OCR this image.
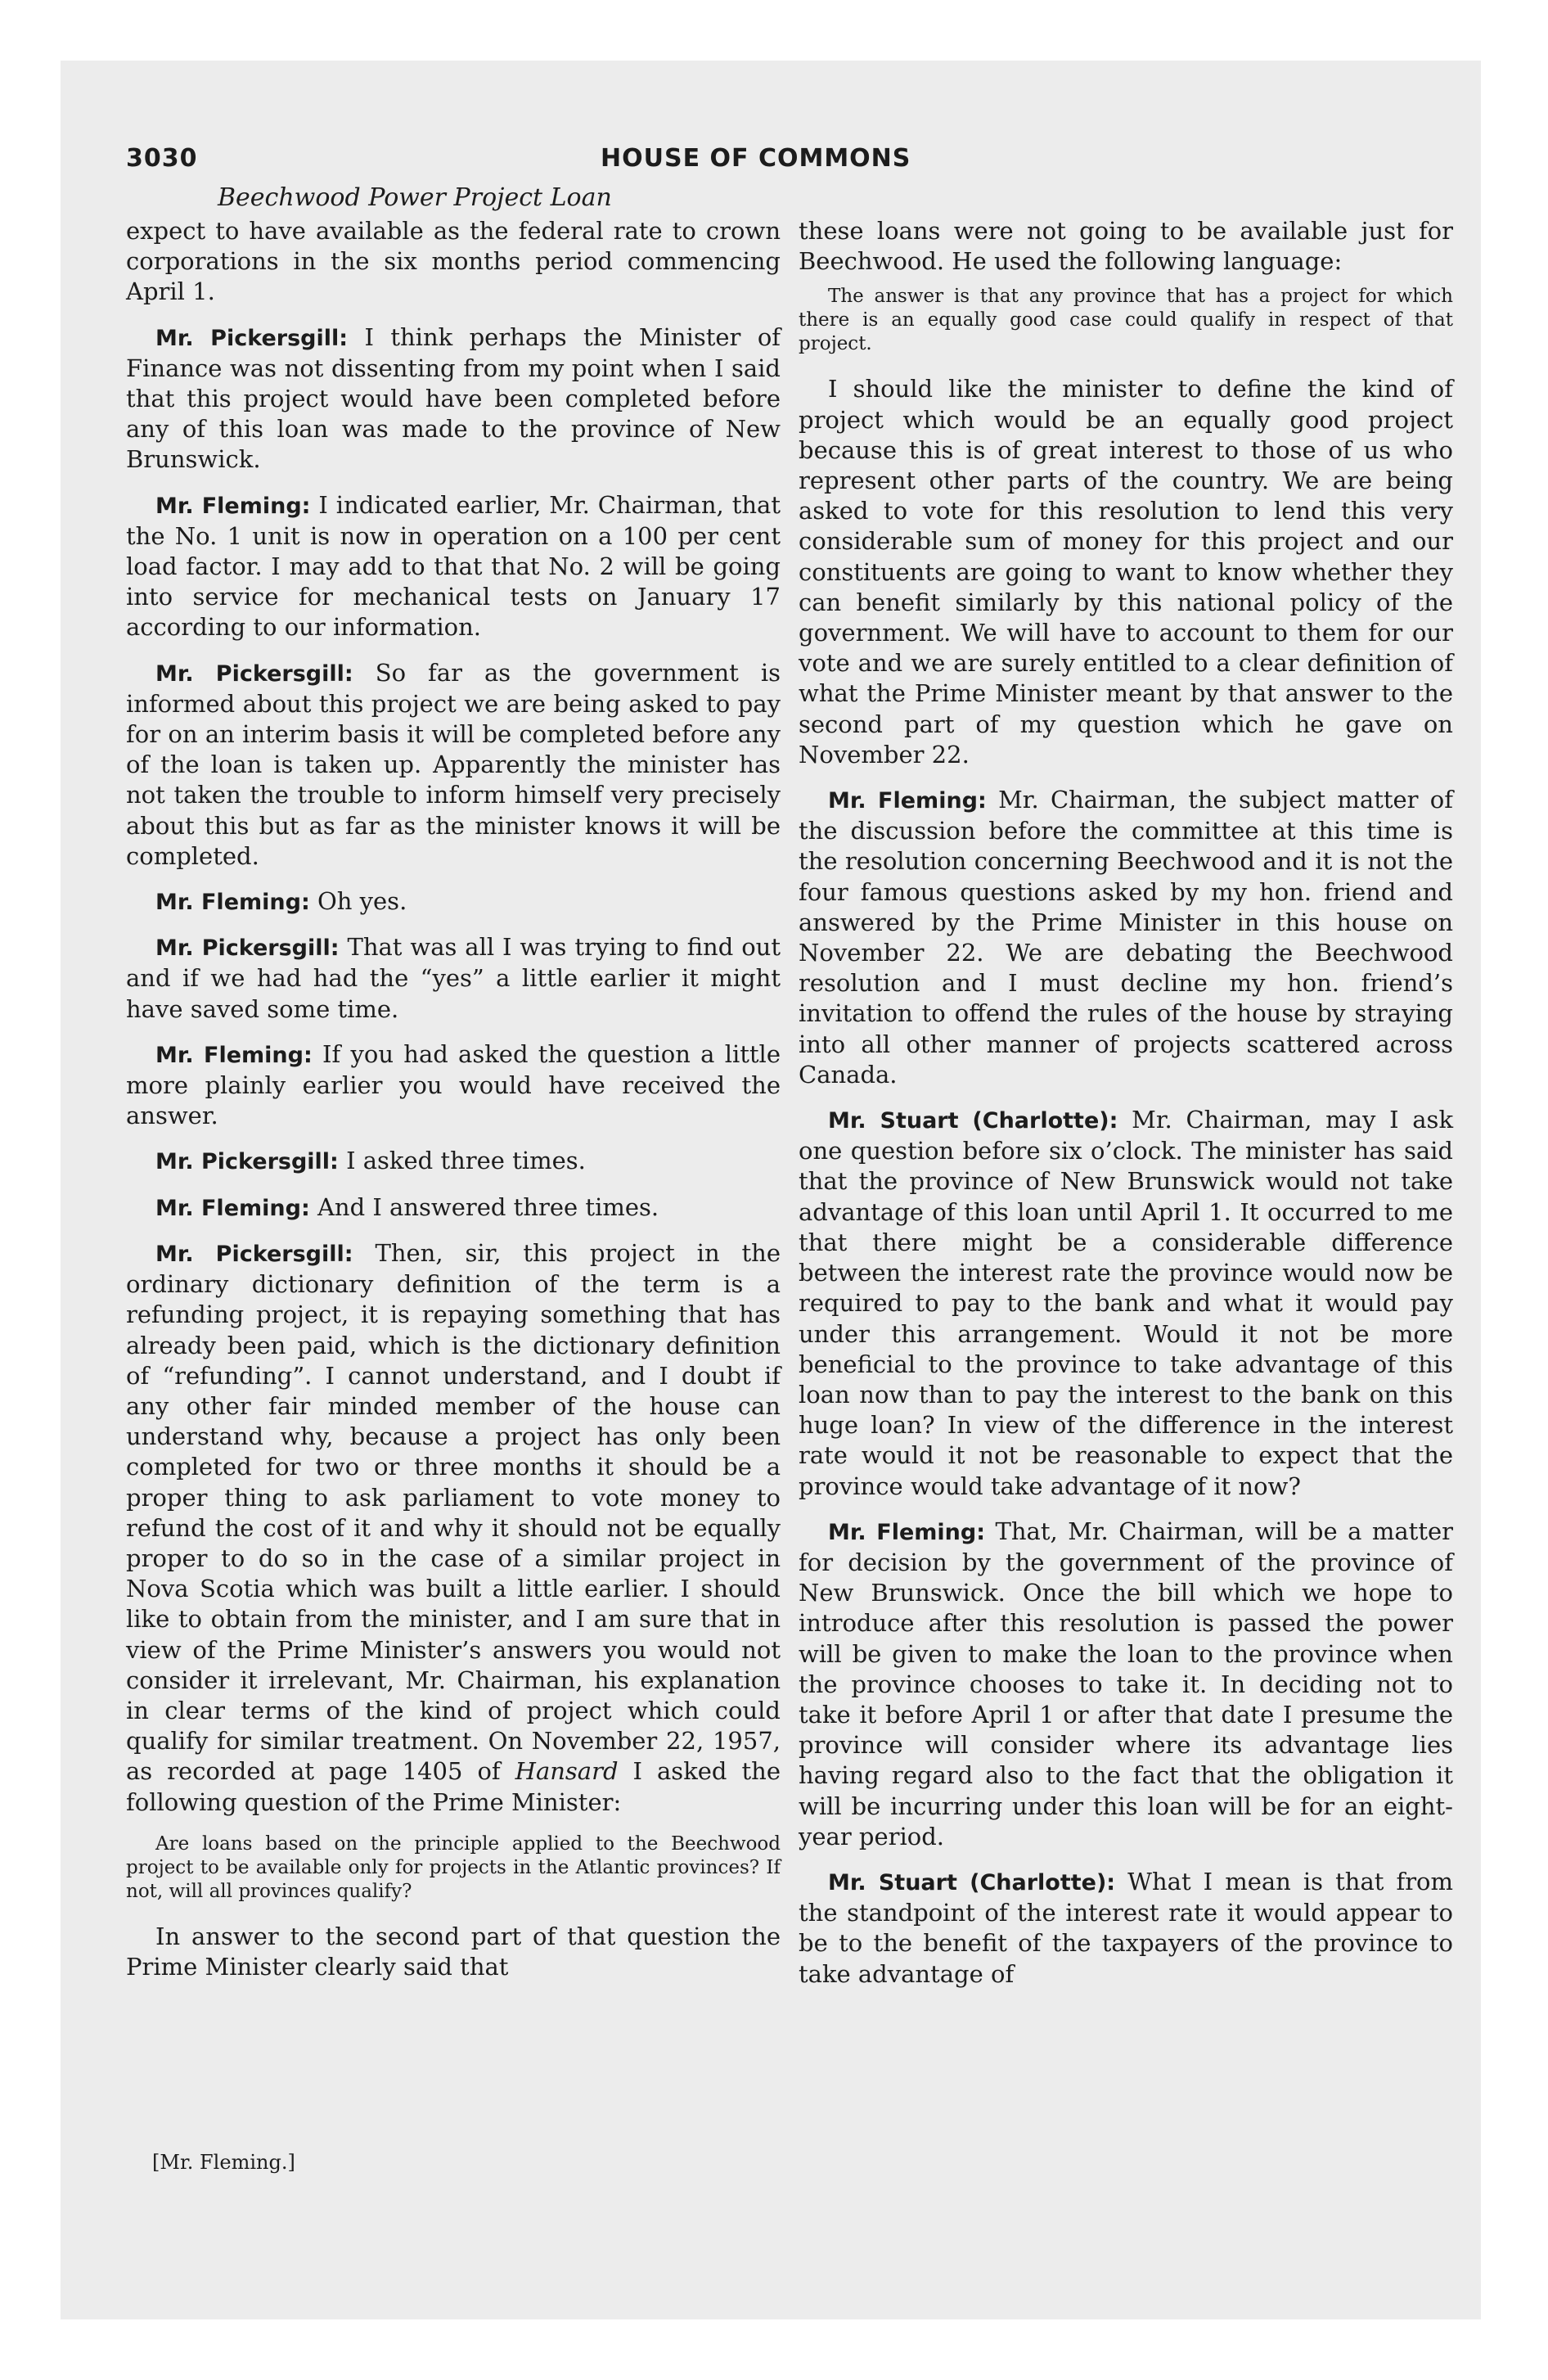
3030	HOUSE OF COMMONS
Beechwood Power Project Loan

expect to have available as the federal rate to crown corporations in the six months period commencing April 1.

Mr. Pickersgill: I think perhaps the Minister of Finance was not dissenting from my point when I said that this project would have been completed before any of this loan was made to the province of New Brunswick.

Mr. Fleming: I indicated earlier, Mr. Chairman, that the No. 1 unit is now in operation on a 100 per cent load factor. I may add to that that No. 2 will be going into service for mechanical tests on January 17 according to our information.

Mr. Pickersgill: So far as the government is informed about this project we are being asked to pay for on an interim basis it will be completed before any of the loan is taken up. Apparently the minister has not taken the trouble to inform himself very precisely about this but as far as the minister knows it will be completed.

Mr. Fleming: Oh yes.

Mr. Pickersgill: That was all I was trying to find out and if we had had the “yes” a little earlier it might have saved some time.

Mr. Fleming: If you had asked the question a little more plainly earlier you would have received the answer.

Mr. Pickersgill: I asked three times.

Mr. Fleming: And I answered three times.

Mr. Pickersgill: Then, sir, this project in the ordinary dictionary definition of the term is a refunding project, it is repaying something that has already been paid, which is the dictionary definition of “refunding”. I cannot understand, and I doubt if any other fair minded member of the house can understand why, because a project has only been completed for two or three months it should be a proper thing to ask parliament to vote money to refund the cost of it and why it should not be equally proper to do so in the case of a similar project in Nova Scotia which was built a little earlier. I should like to obtain from the minister, and I am sure that in view of the Prime Minister’s answers you would not consider it irrelevant, Mr. Chairman, his explanation in clear terms of the kind of project which could qualify for similar treatment. On November 22, 1957, as recorded at page 1405 of Hansard I asked the following question of the Prime Minister:

Are loans based on the principle applied to the Beechwood project to be available only for projects in the Atlantic provinces? If not, will all provinces qualify?

In answer to the second part of that question the Prime Minister clearly said that

[Mr. Fleming.]

these loans were not going to be available just for Beechwood. He used the following language:

The answer is that any province that has a project for which there is an equally good case could qualify in respect of that project.

I should like the minister to define the kind of project which would be an equally good project because this is of great interest to those of us who represent other parts of the country. We are being asked to vote for this resolution to lend this very considerable sum of money for this project and our constituents are going to want to know whether they can benefit similarly by this national policy of the government. We will have to account to them for our vote and we are surely entitled to a clear definition of what the Prime Minister meant by that answer to the second part of my question which he gave on November 22.

Mr. Fleming: Mr. Chairman, the subject matter of the discussion before the committee at this time is the resolution concerning Beechwood and it is not the four famous questions asked by my hon. friend and answered by the Prime Minister in this house on November 22. We are debating the Beechwood resolution and I must decline my hon. friend’s invitation to offend the rules of the house by straying into all other manner of projects scattered across Canada.

Mr. Stuart (Charlotte): Mr. Chairman, may I ask one question before six o’clock. The minister has said that the province of New Brunswick would not take advantage of this loan until April 1. It occurred to me that there might be a considerable difference between the interest rate the province would now be required to pay to the bank and what it would pay under this arrangement. Would it not be more beneficial to the province to take advantage of this loan now than to pay the interest to the bank on this huge loan? In view of the difference in the interest rate would it not be reasonable to expect that the province would take advantage of it now?

Mr. Fleming: That, Mr. Chairman, will be a matter for decision by the government of the province of New Brunswick. Once the bill which we hope to introduce after this resolution is passed the power will be given to make the loan to the province when the province chooses to take it. In deciding not to take it before April 1 or after that date I presume the province will consider where its advantage lies having regard also to the fact that the obligation it will be incurring under this loan will be for an eight-year period.

Mr. Stuart (Charlotte): What I mean is that from the standpoint of the interest rate it would appear to be to the benefit of the taxpayers of the province to take advantage of
